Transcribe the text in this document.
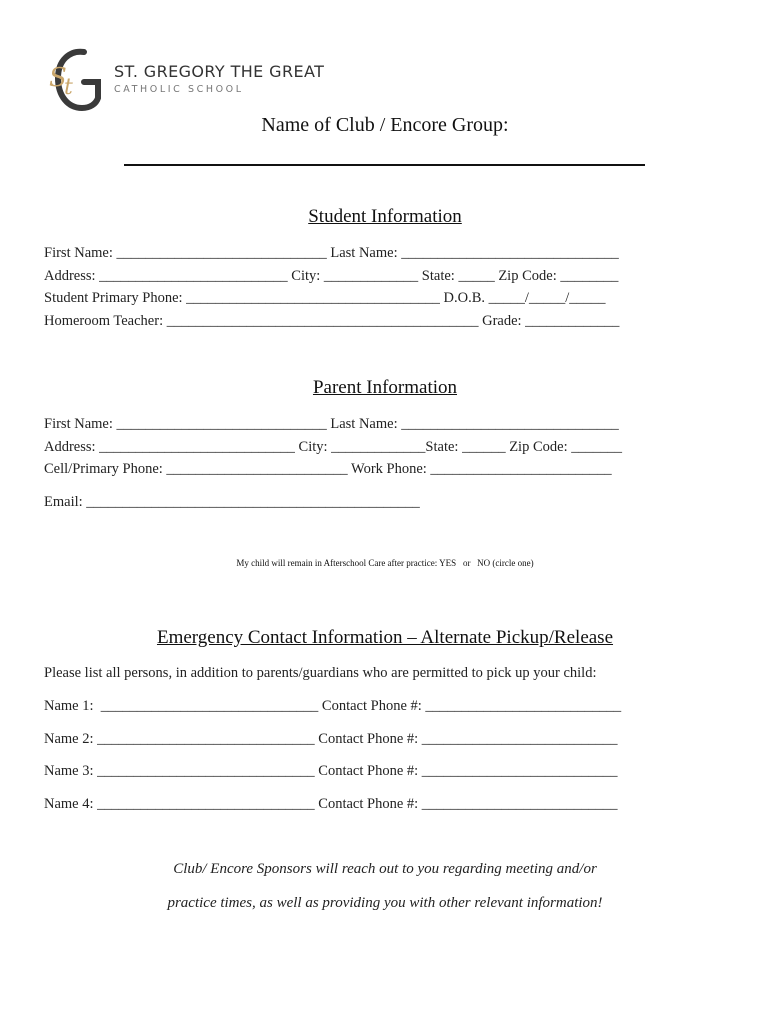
S
t
ST. GREGORY THE GREAT
CATHOLIC SCHOOL
Name of Club / Encore Group:
Student Information
First Name: _____________________________ Last Name: ______________________________
Address: __________________________ City: _____________ State: _____ Zip Code: ________
Student Primary Phone: ___________________________________ D.O.B. _____/_____/_____
Homeroom Teacher: ___________________________________________ Grade: _____________
Parent Information
First Name: _____________________________ Last Name: ______________________________
Address: ___________________________ City: _____________State: ______ Zip Code: _______
Cell/Primary Phone: _________________________ Work Phone: _________________________
Email: ______________________________________________
My child will remain in Afterschool Care after practice: YES   or   NO (circle one)
Emergency Contact Information – Alternate Pickup/Release
Please list all persons, in addition to parents/guardians who are permitted to pick up your child:
Name 1:  ______________________________ Contact Phone #: ___________________________
Name 2: ______________________________ Contact Phone #: ___________________________
Name 3: ______________________________ Contact Phone #: ___________________________
Name 4: ______________________________ Contact Phone #: ___________________________
Club/ Encore Sponsors will reach out to you regarding meeting and/or
practice times, as well as providing you with other relevant information!
